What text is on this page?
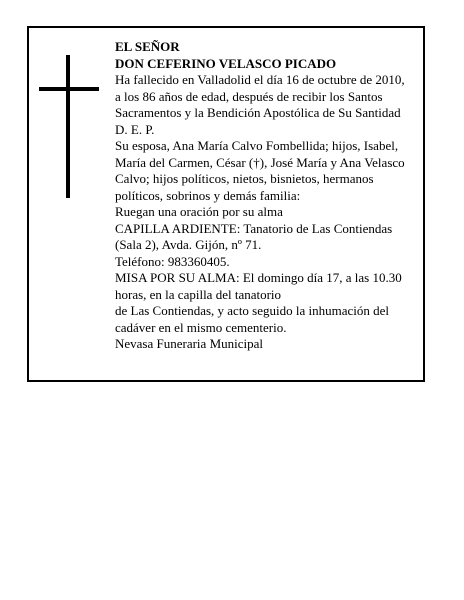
EL SEÑOR
DON CEFERINO VELASCO PICADO
Ha fallecido en Valladolid el día 16 de octubre de 2010,
a los 86 años de edad, después de recibir los Santos
Sacramentos y la Bendición Apostólica de Su Santidad
D. E. P.
Su esposa, Ana María Calvo Fombellida; hijos, Isabel,
María del Carmen, César (†), José María y Ana Velasco
Calvo; hijos políticos, nietos, bisnietos, hermanos
políticos, sobrinos y demás familia:
Ruegan una oración por su alma
CAPILLA ARDIENTE: Tanatorio de Las Contiendas
(Sala 2), Avda. Gijón, nº 71.
Teléfono: 983360405.
MISA POR SU ALMA: El domingo día 17, a las 10.30
horas, en la capilla del tanatorio
de Las Contiendas, y acto seguido la inhumación del
cadáver en el mismo cementerio.
Nevasa Funeraria Municipal
